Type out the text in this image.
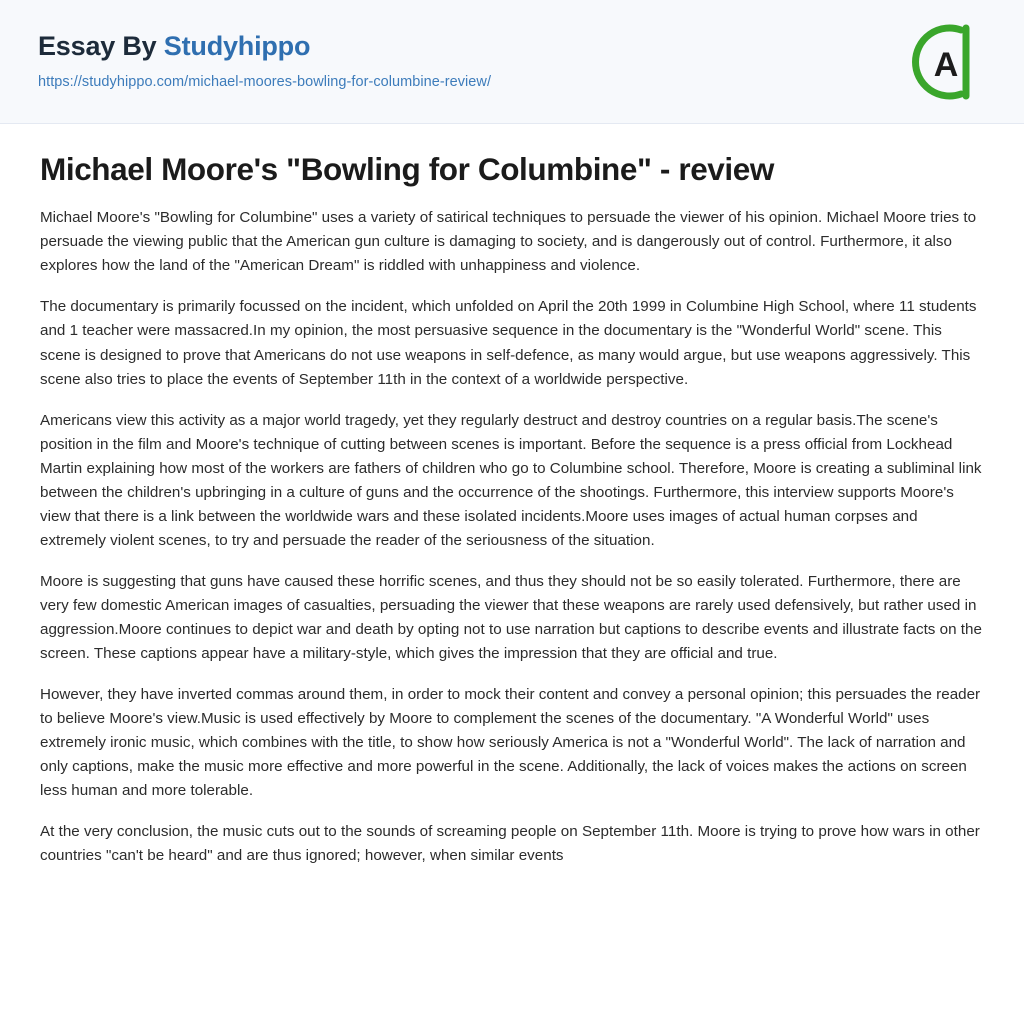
Essay By Studyhippo
https://studyhippo.com/michael-moores-bowling-for-columbine-review/	A
Michael Moore's "Bowling for Columbine" - review

Michael Moore's "Bowling for Columbine" uses a variety of satirical techniques to persuade the viewer of his opinion. Michael Moore tries to persuade the viewing public that the American gun culture is damaging to society, and is dangerously out of control. Furthermore, it also explores how the land of the "American Dream" is riddled with unhappiness and violence.

The documentary is primarily focussed on the incident, which unfolded on April the 20th 1999 in Columbine High School, where 11 students and 1 teacher were massacred.In my opinion, the most persuasive sequence in the documentary is the "Wonderful World" scene. This scene is designed to prove that Americans do not use weapons in self-defence, as many would argue, but use weapons aggressively. This scene also tries to place the events of September 11th in the context of a worldwide perspective.

Americans view this activity as a major world tragedy, yet they regularly destruct and destroy countries on a regular basis.The scene's position in the film and Moore's technique of cutting between scenes is important. Before the sequence is a press official from Lockhead Martin explaining how most of the workers are fathers of children who go to Columbine school. Therefore, Moore is creating a subliminal link between the children's upbringing in a culture of guns and the occurrence of the shootings. Furthermore, this interview supports Moore's view that there is a link between the worldwide wars and these isolated incidents.Moore uses images of actual human corpses and extremely violent scenes, to try and persuade the reader of the seriousness of the situation.

Moore is suggesting that guns have caused these horrific scenes, and thus they should not be so easily tolerated. Furthermore, there are very few domestic American images of casualties, persuading the viewer that these weapons are rarely used defensively, but rather used in aggression.Moore continues to depict war and death by opting not to use narration but captions to describe events and illustrate facts on the screen. These captions appear have a military-style, which gives the impression that they are official and true.

However, they have inverted commas around them, in order to mock their content and convey a personal opinion; this persuades the reader to believe Moore's view.Music is used effectively by Moore to complement the scenes of the documentary. "A Wonderful World" uses extremely ironic music, which combines with the title, to show how seriously America is not a "Wonderful World". The lack of narration and only captions, make the music more effective and more powerful in the scene. Additionally, the lack of voices makes the actions on screen less human and more tolerable.

At the very conclusion, the music cuts out to the sounds of screaming people on September 11th. Moore is trying to prove how wars in other countries "can't be heard" and are thus ignored; however, when similar events
